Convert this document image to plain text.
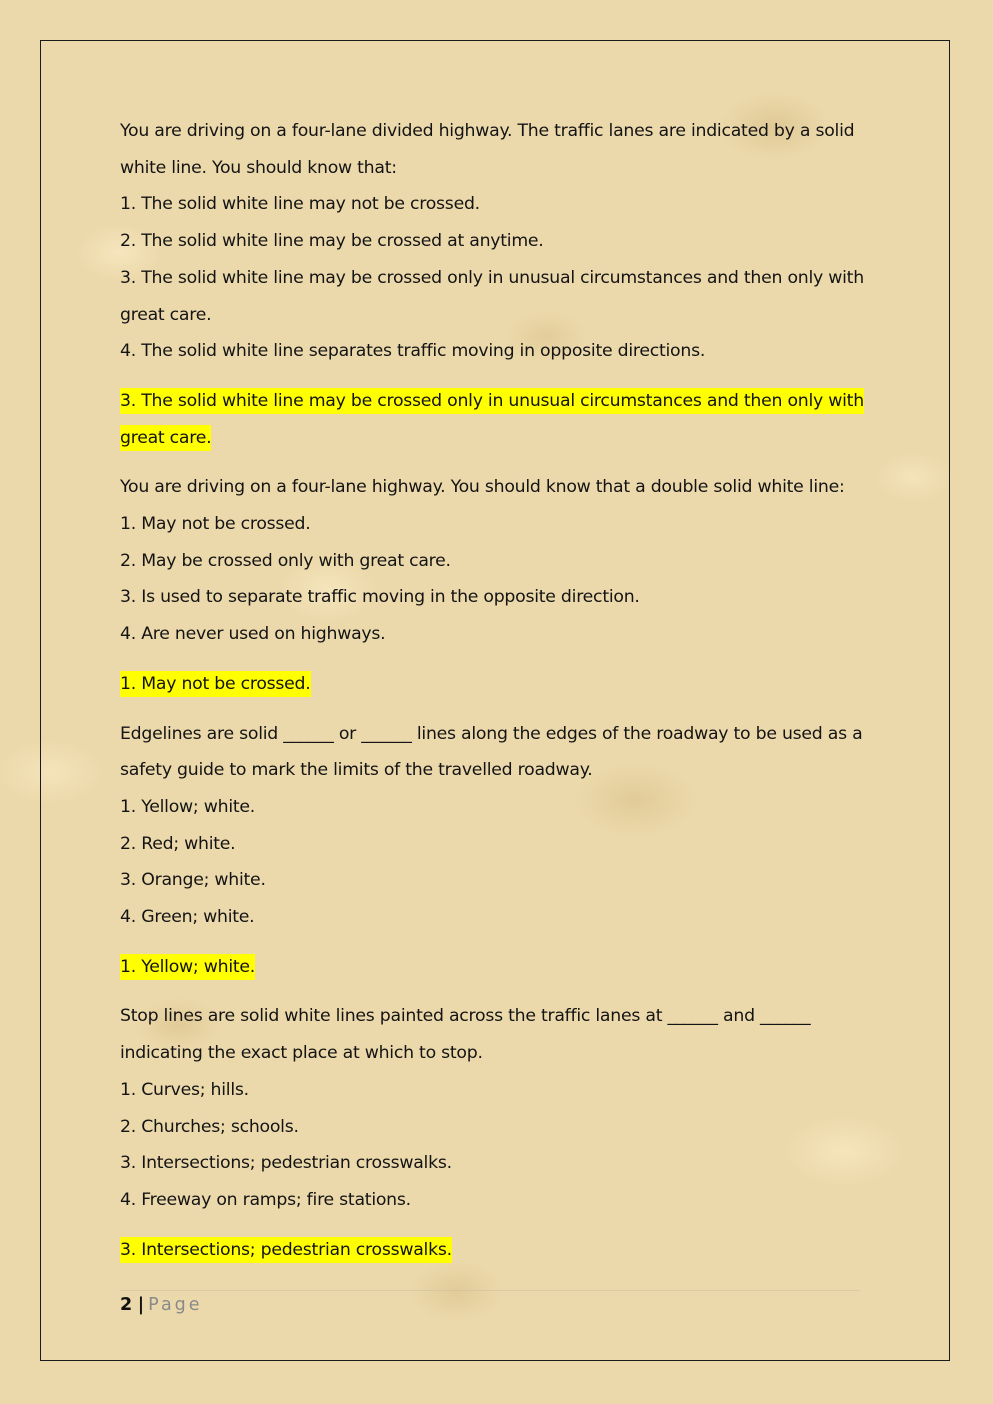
You are driving on a four-lane divided highway. The traffic lanes are indicated by a solid
white line. You should know that:
1. The solid white line may not be crossed.
2. The solid white line may be crossed at anytime.
3. The solid white line may be crossed only in unusual circumstances and then only with
great care.
4. The solid white line separates traffic moving in opposite directions.
3. The solid white line may be crossed only in unusual circumstances and then only with
great care.
You are driving on a four-lane highway. You should know that a double solid white line:
1. May not be crossed.
2. May be crossed only with great care.
3. Is used to separate traffic moving in the opposite direction.
4. Are never used on highways.
1. May not be crossed.
Edgelines are solid ______ or ______ lines along the edges of the roadway to be used as a
safety guide to mark the limits of the travelled roadway.
1. Yellow; white.
2. Red; white.
3. Orange; white.
4. Green; white.
1. Yellow; white.
Stop lines are solid white lines painted across the traffic lanes at ______ and ______
indicating the exact place at which to stop.
1. Curves; hills.
2. Churches; schools.
3. Intersections; pedestrian crosswalks.
4. Freeway on ramps; fire stations.
3. Intersections; pedestrian crosswalks.
2 | Page
